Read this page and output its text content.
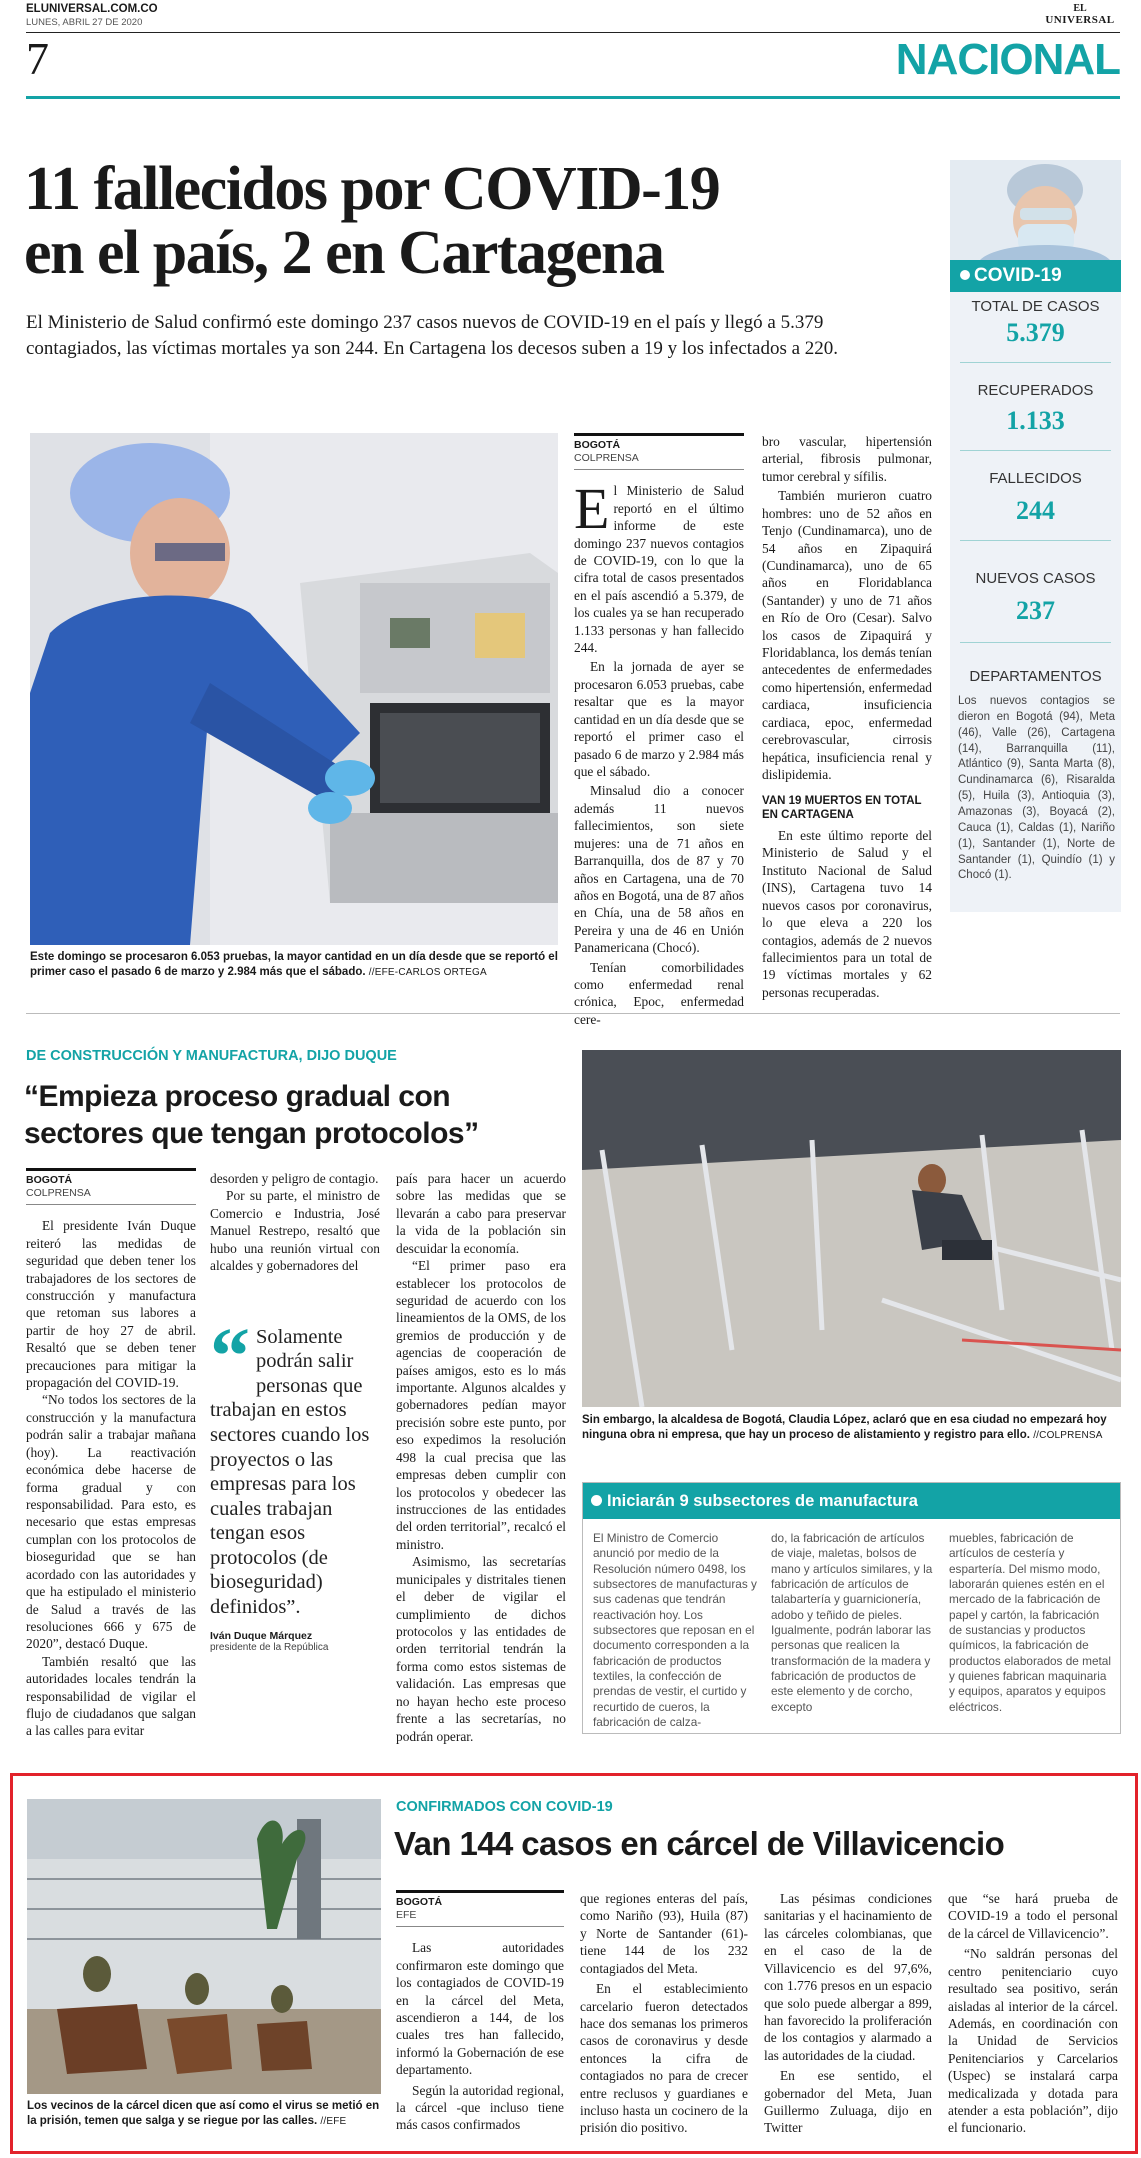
ELUNIVERSAL.COM.CO
LUNES, ABRIL 27 DE 2020
EL
UNIVERSAL
7	NACIONAL
11 fallecidos por COVID-19
en el país, 2 en Cartagena
El Ministerio de Salud confirmó este domingo 237 casos nuevos de COVID-19 en el país y llegó a 5.379 contagiados, las víctimas mortales ya son 244. En Cartagena los decesos suben a 19 y los infectados a 220.
Este domingo se procesaron 6.053 pruebas, la mayor cantidad en un día desde que se reportó el primer caso el pasado 6 de marzo y 2.984 más que el sábado. //EFE-CARLOS ORTEGA
BOGOTÁ
COLPRENSA

El Ministerio de Salud reportó en el último informe de este domingo 237 nuevos contagios de COVID-19, con lo que la cifra total de casos presentados en el país ascendió a 5.379, de los cuales ya se han recuperado 1.133 personas y han fallecido 244.

En la jornada de ayer se procesaron 6.053 pruebas, cabe resaltar que es la mayor cantidad en un día desde que se reportó el primer caso el pasado 6 de marzo y 2.984 más que el sábado.

Minsalud dio a conocer además 11 nuevos fallecimientos, son siete mujeres: una de 71 años en Barranquilla, dos de 87 y 70 años en Cartagena, una de 70 años en Bogotá, una de 87 años en Chía, una de 58 años en Pereira y una de 46 en Unión Panamericana (Chocó).

Tenían comorbilidades como enfermedad renal crónica, Epoc, enfermedad cere-

bro vascular, hipertensión arterial, fibrosis pulmonar, tumor cerebral y sífilis.

También murieron cuatro hombres: uno de 52 años en Tenjo (Cundinamarca), uno de 54 años en Zipaquirá (Cundinamarca), uno de 65 años en Floridablanca (Santander) y uno de 71 años en Río de Oro (Cesar). Salvo los casos de Zipaquirá y Floridablanca, los demás tenían antecedentes de enfermedades como hipertensión, enfermedad cardiaca, insuficiencia cardiaca, epoc, enfermedad cerebrovascular, cirrosis hepática, insuficiencia renal y dislipidemia.

VAN 19 MUERTOS EN TOTAL EN CARTAGENA

En este último reporte del Ministerio de Salud y el Instituto Nacional de Salud (INS), Cartagena tuvo 14 nuevos casos por coronavirus, lo que eleva a 220 los contagios, además de 2 nuevos fallecimientos para un total de 19 víctimas mortales y 62 personas recuperadas.

COVID-19
TOTAL DE CASOS
5.379
RECUPERADOS
1.133
FALLECIDOS
244
NUEVOS CASOS
237
DEPARTAMENTOS
Los nuevos contagios se dieron en Bogotá (94), Meta (46), Valle (26), Cartagena (14), Barranquilla (11), Atlántico (9), Santa Marta (8), Cundinamarca (6), Risaralda (5), Huila (3), Antioquia (3), Amazonas (3), Boyacá (2), Cauca (1), Caldas (1), Nariño (1), Santander (1), Norte de Santander (1), Quindío (1) y Chocó (1).
DE CONSTRUCCIÓN Y MANUFACTURA, DIJO DUQUE
“Empieza proceso gradual con
sectores que tengan protocolos”
BOGOTÁ
COLPRENSA

El presidente Iván Duque reiteró las medidas de seguridad que deben tener los trabajadores de los sectores de construcción y manufactura que retoman sus labores a partir de hoy 27 de abril. Resaltó que se deben tener precauciones para mitigar la propagación del COVID-19.

“No todos los sectores de la construcción y la manufactura podrán salir a trabajar mañana (hoy). La reactivación económica debe hacerse de forma gradual y con responsabilidad. Para esto, es necesario que estas empresas cumplan con los protocolos de bioseguridad que se han acordado con las autoridades y que ha estipulado el ministerio de Salud a través de las resoluciones 666 y 675 de 2020”, destacó Duque.

También resaltó que las autoridades locales tendrán la responsabilidad de vigilar el flujo de ciudadanos que salgan a las calles para evitar

desorden y peligro de contagio.

Por su parte, el ministro de Comercio e Industria, José Manuel Restrepo, resaltó que hubo una reunión virtual con alcaldes y gobernadores del

“ Solamente podrán salir personas que trabajan en estos sectores cuando los proyectos o las empresas para los cuales trabajan tengan esos protocolos (de bioseguridad) definidos”.
Iván Duque Márquez
presidente de la República

país para hacer un acuerdo sobre las medidas que se llevarán a cabo para preservar la vida de la población sin descuidar la economía.

“El primer paso era establecer los protocolos de seguridad de acuerdo con los lineamientos de la OMS, de los gremios de producción y de agencias de cooperación de países amigos, esto es lo más importante. Algunos alcaldes y gobernadores pedían mayor precisión sobre este punto, por eso expedimos la resolución 498 la cual precisa que las empresas deben cumplir con los protocolos y obedecer las instrucciones de las entidades del orden territorial”, recalcó el ministro.

Asimismo, las secretarías municipales y distritales tienen el deber de vigilar el cumplimiento de dichos protocolos y las entidades de orden territorial tendrán la forma como estos sistemas de validación. Las empresas que no hayan hecho este proceso frente a las secretarías, no podrán operar.

Sin embargo, la alcaldesa de Bogotá, Claudia López, aclaró que en esa ciudad no empezará hoy ninguna obra ni empresa, que hay un proceso de alistamiento y registro para ello. //COLPRENSA
Iniciarán 9 subsectores de manufactura
El Ministro de Comercio anunció por medio de la Resolución número 0498, los subsectores de manufacturas y sus cadenas que tendrán reactivación hoy. Los subsectores que reposan en el documento corresponden a la fabricación de productos textiles, la confección de prendas de vestir, el curtido y recurtido de cueros, la fabricación de calza-
do, la fabricación de artículos de viaje, maletas, bolsos de mano y artículos similares, y la fabricación de artículos de talabartería y guarnicionería, adobo y teñido de pieles. Igualmente, podrán laborar las personas que realicen la transformación de la madera y fabricación de productos de este elemento y de corcho, excepto
muebles, fabricación de artículos de cestería y espartería. Del mismo modo, laborarán quienes estén en el mercado de la fabricación de papel y cartón, la fabricación de sustancias y productos químicos, la fabricación de productos elaborados de metal y quienes fabrican maquinaria y equipos, aparatos y equipos eléctricos.
Los vecinos de la cárcel dicen que así como el virus se metió en la prisión, temen que salga y se riegue por las calles. //EFE
CONFIRMADOS CON COVID-19
Van 144 casos en cárcel de Villavicencio
BOGOTÁ
EFE

Las autoridades confirmaron este domingo que los contagiados de COVID-19 en la cárcel del Meta, ascendieron a 144, de los cuales tres han fallecido, informó la Gobernación de ese departamento.

Según la autoridad regional, la cárcel -que incluso tiene más casos confirmados

que regiones enteras del país, como Nariño (93), Huila (87) y Norte de Santander (61)- tiene 144 de los 232 contagiados del Meta.

En el establecimiento carcelario fueron detectados hace dos semanas los primeros casos de coronavirus y desde entonces la cifra de contagiados no para de crecer entre reclusos y guardianes e incluso hasta un cocinero de la prisión dio positivo.

Las pésimas condiciones sanitarias y el hacinamiento de las cárceles colombianas, que en el caso de la de Villavicencio es del 97,6%, con 1.776 presos en un espacio que solo puede albergar a 899, han favorecido la proliferación de los contagios y alarmado a las autoridades de la ciudad.

En ese sentido, el gobernador del Meta, Juan Guillermo Zuluaga, dijo en Twitter

que “se hará prueba de COVID-19 a todo el personal de la cárcel de Villavicencio”.

“No saldrán personas del centro penitenciario cuyo resultado sea positivo, serán aisladas al interior de la cárcel. Además, en coordinación con la Unidad de Servicios Penitenciarios y Carcelarios (Uspec) se instalará carpa medicalizada y dotada para atender a esta población”, dijo el funcionario.
